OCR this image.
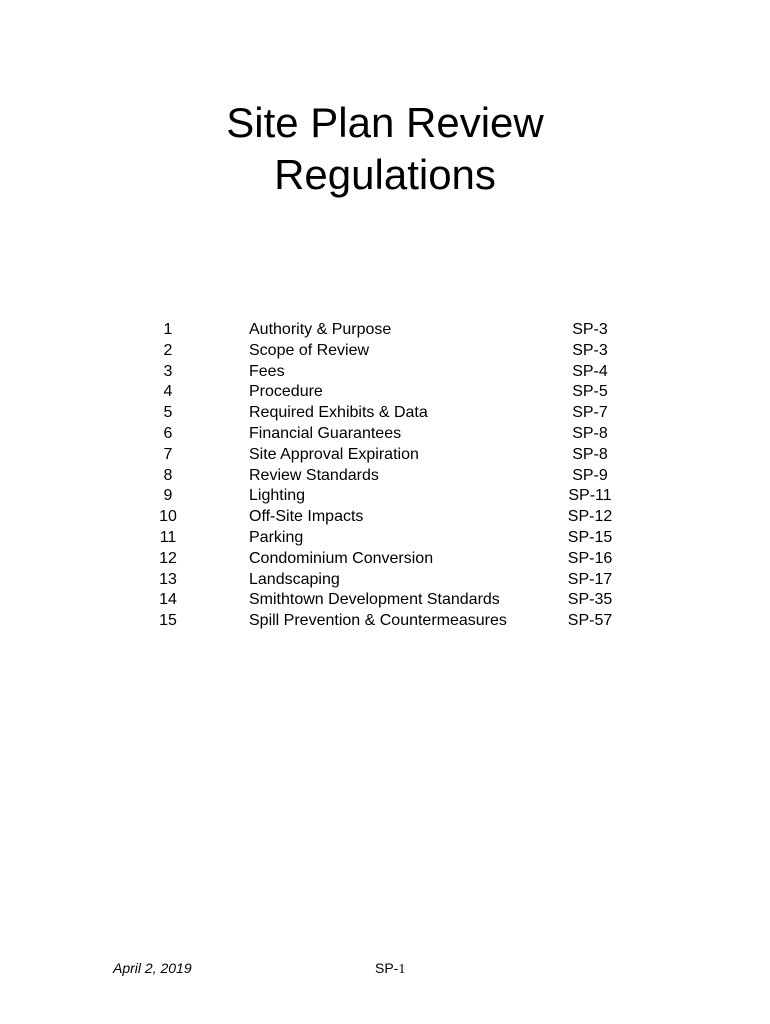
Site Plan Review
Regulations
1	Authority & Purpose	SP-3
2	Scope of Review	SP-3
3	Fees	SP-4
4	Procedure	SP-5
5	Required Exhibits & Data	SP-7
6	Financial Guarantees	SP-8
7	Site Approval Expiration	SP-8
8	Review Standards	SP-9
9	Lighting	SP-11
10	Off-Site Impacts	SP-12
11	Parking	SP-15
12	Condominium Conversion	SP-16
13	Landscaping	SP-17
14	Smithtown Development Standards	SP-35
15	Spill Prevention & Countermeasures	SP-57
April 2, 2019	SP-1
